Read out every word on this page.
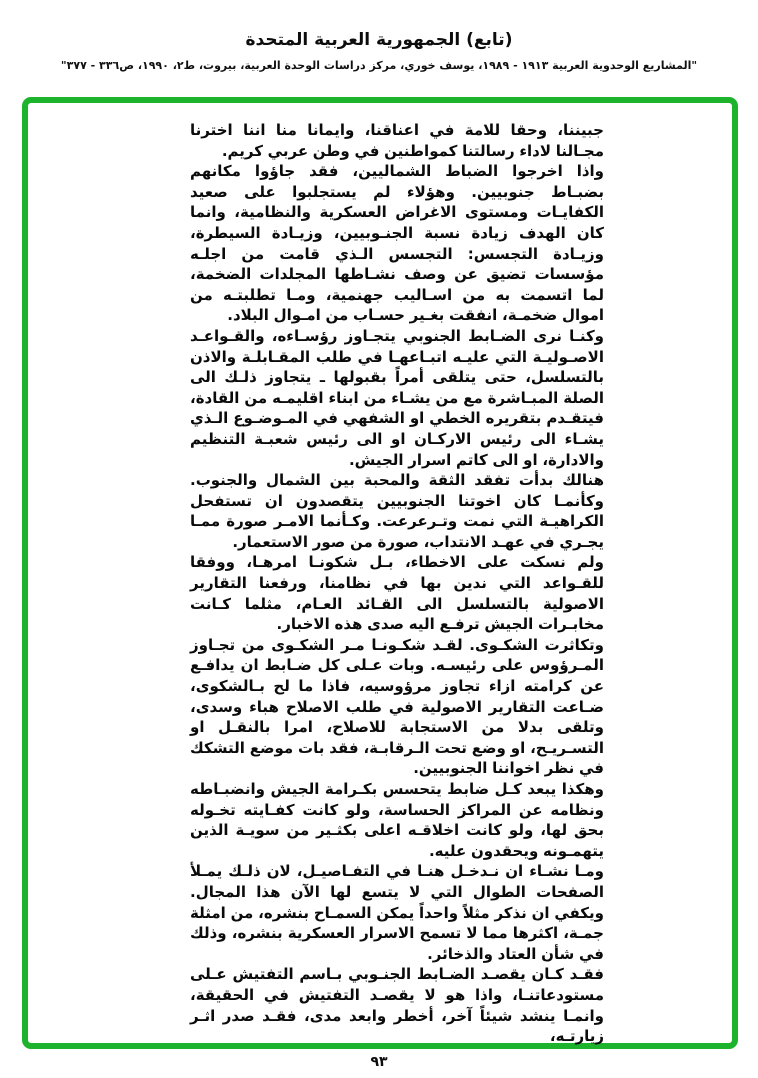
(تابع) الجمهورية العربية المتحدة
"المشاريع الوحدوية العربية ١٩١٣ - ١٩٨٩، يوسف خوري، مركز دراسات الوحدة العربية، بيروت، ط٢، ١٩٩٠، ص٣٣٦ - ٣٧٧"

جبيننا، وحقا للامة في اعناقنا، وايمانا منا اننا اخترنا مجـالنا لاداء رسالتنا كمواطنين في وطن عربي كريم.

واذا اخرجوا الضباط الشماليين، فقد جاؤوا مكانهم بضبـاط جنوبيين. وهؤلاء لم يستجلبوا على صعيد الكفايـات ومستوى الاغراض العسكرية والنظامية، وانما كان الهدف زيادة نسبة الجنـوبيين، وزيـادة السيطرة، وزيـادة التجسس: التجسس الـذي قامت من اجلـه مؤسسات تضيق عن وصف نشـاطها المجلدات الضخمة، لما اتسمت به من اسـاليب جهنمية، ومـا تطلبتـه من اموال ضخمـة، انفقت بغـير حسـاب من امـوال البلاد.

وكنـا نرى الضـابط الجنوبي يتجـاوز رؤسـاءه، والقـواعـد الاصـوليـة التي عليـه اتبـاعهـا في طلب المقـابلـة والاذن بالتسلسل، حتى يتلقى أمراً بقبولها ـ يتجاوز ذلـك الى الصلة المبـاشرة مع من يشـاء من ابناء اقليمـه من القادة، فيتقـدم بتقريره الخطي او الشفهي في المـوضـوع الـذي يشـاء الى رئيس الاركـان او الى رئيس شعبـة التنظيم والادارة، او الى كاتم اسرار الجيش.

هنالك بدأت تفقد الثقة والمحبة بين الشمال والجنوب. وكأنمـا كان اخوتنا الجنوبيين يتقصدون ان تستفحل الكراهيـة التي نمت وتـرعرعت. وكـأنما الامـر صورة ممـا يجـري في عهـد الانتداب، صورة من صور الاستعمار.

ولم نسكت على الاخطاء، بـل شكونـا امرهـا، ووفقا للقـواعد التي ندين بها في نظامنا، ورفعنا التقارير الاصولية بالتسلسل الى القـائد العـام، مثلما كـانت مخابـرات الجيش ترفـع اليه صدى هذه الاخبار.

وتكاثرت الشكـوى. لقـد شكـونـا مـر الشكـوى من تجـاوز المـرؤوس على رئيسـه. وبات عـلى كل ضـابط ان يدافـع عن كرامته ازاء تجاوز مرؤوسيه، فاذا ما لح بـالشكوى، ضـاعت التقارير الاصولية في طلب الاصلاح هباء وسدى، وتلقى بدلا من الاستجابة للاصلاح، امرا بالنقـل او التسـريـح، او وضع تحت الـرقابـة، فقد بات موضع التشكك في نظر اخواننا الجنوبيين.

وهكذا يبعد كـل ضابط يتحسس بكـرامة الجيش وانضبـاطه ونظامه عن المراكز الحساسة، ولو كانت كفـايته تخـوله بحق لها، ولو كانت اخلاقـه اعلى بكثـير من سويـة الذين يتهمـونه ويحقدون عليه.

ومـا نشـاء ان نـدخـل هنـا في التفـاصيـل، لان ذلـك يمـلأ الصفحات الطوال التي لا يتسع لها الآن هذا المجال. ويكفي ان نذكر مثلاً واحداً يمكن السمـاح بنشره، من امثلة جمـة، اكثرها مما لا تسمح الاسرار العسكرية بنشره، وذلك في شأن العتاد والذخائر.

فقـد كـان يقصـد الضـابط الجنـوبي بـاسم التفتيش عـلى مستودعاتنـا، واذا هو لا يقصـد التفتيش في الحقيقة، وانمـا ينشد شيئاً آخر، أخطر وابعد مدى، فقـد صدر اثـر زيارتـه،

٩٣
